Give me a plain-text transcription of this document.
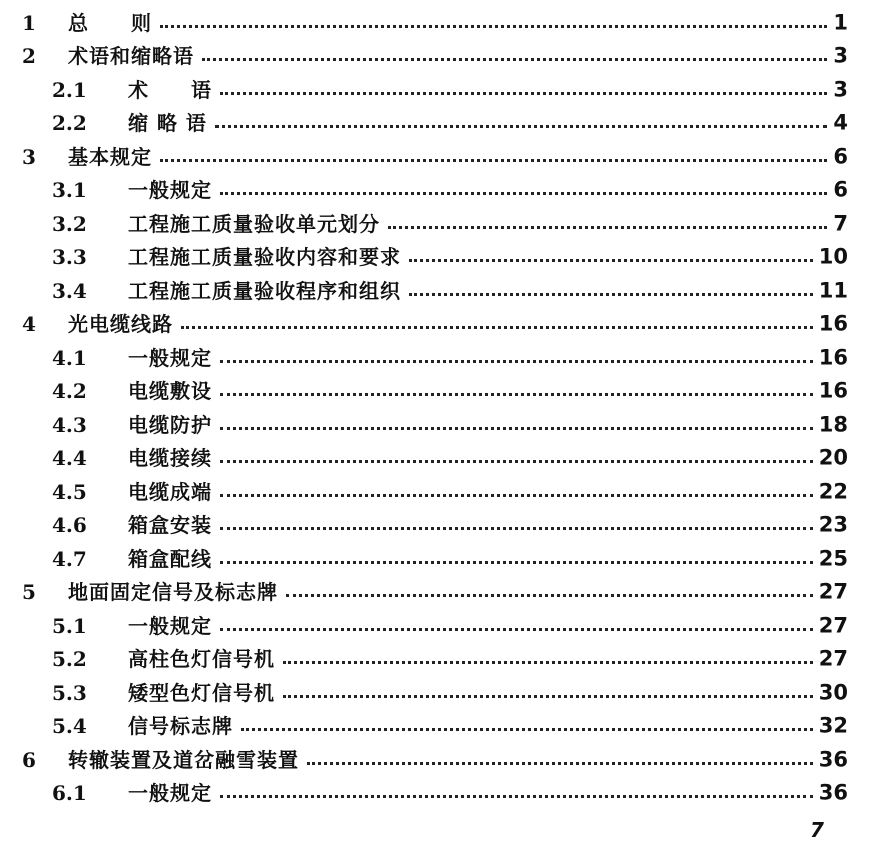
1 总　　则	1
2 术语和缩略语	3
2.1 术　　语	3
2.2 缩 略 语	4
3 基本规定	6
3.1 一般规定	6
3.2 工程施工质量验收单元划分	7
3.3 工程施工质量验收内容和要求	10
3.4 工程施工质量验收程序和组织	11
4 光电缆线路	16
4.1 一般规定	16
4.2 电缆敷设	16
4.3 电缆防护	18
4.4 电缆接续	20
4.5 电缆成端	22
4.6 箱盒安装	23
4.7 箱盒配线	25
5 地面固定信号及标志牌	27
5.1 一般规定	27
5.2 高柱色灯信号机	27
5.3 矮型色灯信号机	30
5.4 信号标志牌	32
6 转辙装置及道岔融雪装置	36
6.1 一般规定	36
7
